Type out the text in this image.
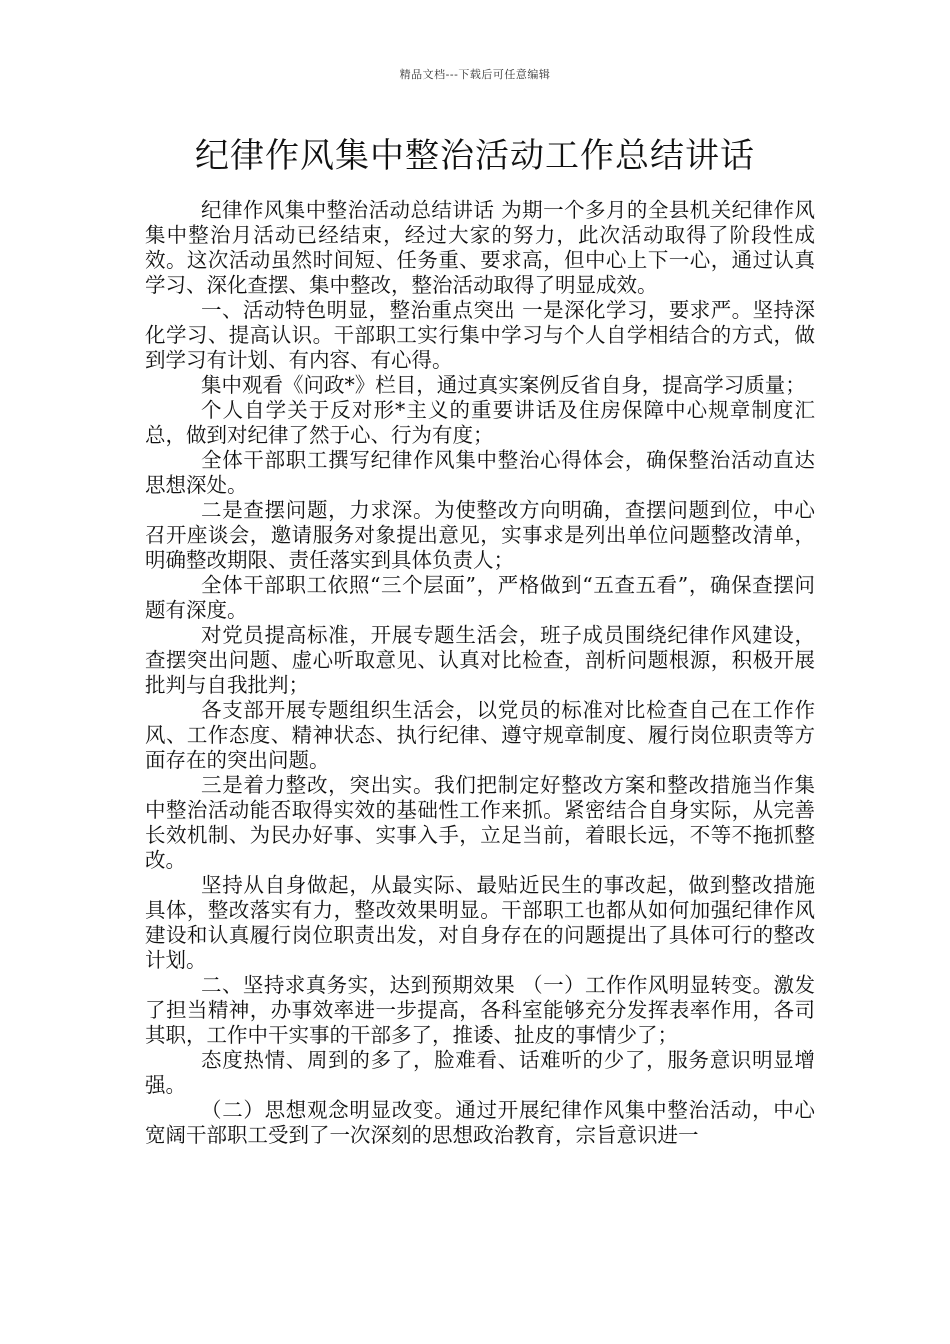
精品文档---下载后可任意编辑
纪律作风集中整治活动工作总结讲话

纪律作风集中整治活动总结讲话 为期一个多月的全县机关纪律作风集中整治月活动已经结束，经过大家的努力，此次活动取得了阶段性成效。这次活动虽然时间短、任务重、要求高，但中心上下一心，通过认真学习、深化查摆、集中整改，整治活动取得了明显成效。

一、活动特色明显，整治重点突出 一是深化学习，要求严。坚持深化学习、提高认识。干部职工实行集中学习与个人自学相结合的方式，做到学习有计划、有内容、有心得。

集中观看《问政*》栏目，通过真实案例反省自身，提高学习质量；

个人自学关于反对形*主义的重要讲话及住房保障中心规章制度汇总，做到对纪律了然于心、行为有度；

全体干部职工撰写纪律作风集中整治心得体会，确保整治活动直达思想深处。

二是查摆问题，力求深。为使整改方向明确，查摆问题到位，中心召开座谈会，邀请服务对象提出意见，实事求是列出单位问题整改清单，明确整改期限、责任落实到具体负责人；

全体干部职工依照“三个层面”，严格做到“五查五看”，确保查摆问题有深度。

对党员提高标准，开展专题生活会，班子成员围绕纪律作风建设，查摆突出问题、虚心听取意见、认真对比检查，剖析问题根源，积极开展批判与自我批判；

各支部开展专题组织生活会，以党员的标准对比检查自己在工作作风、工作态度、精神状态、执行纪律、遵守规章制度、履行岗位职责等方面存在的突出问题。

三是着力整改，突出实。我们把制定好整改方案和整改措施当作集中整治活动能否取得实效的基础性工作来抓。紧密结合自身实际，从完善长效机制、为民办好事、实事入手，立足当前，着眼长远，不等不拖抓整改。

坚持从自身做起，从最实际、最贴近民生的事改起，做到整改措施具体，整改落实有力，整改效果明显。干部职工也都从如何加强纪律作风建设和认真履行岗位职责出发，对自身存在的问题提出了具体可行的整改计划。

二、坚持求真务实，达到预期效果 （一）工作作风明显转变。激发了担当精神，办事效率进一步提高，各科室能够充分发挥表率作用，各司其职，工作中干实事的干部多了，推诿、扯皮的事情少了；

态度热情、周到的多了，脸难看、话难听的少了，服务意识明显增强。

（二）思想观念明显改变。通过开展纪律作风集中整治活动，中心宽阔干部职工受到了一次深刻的思想政治教育，宗旨意识进一
